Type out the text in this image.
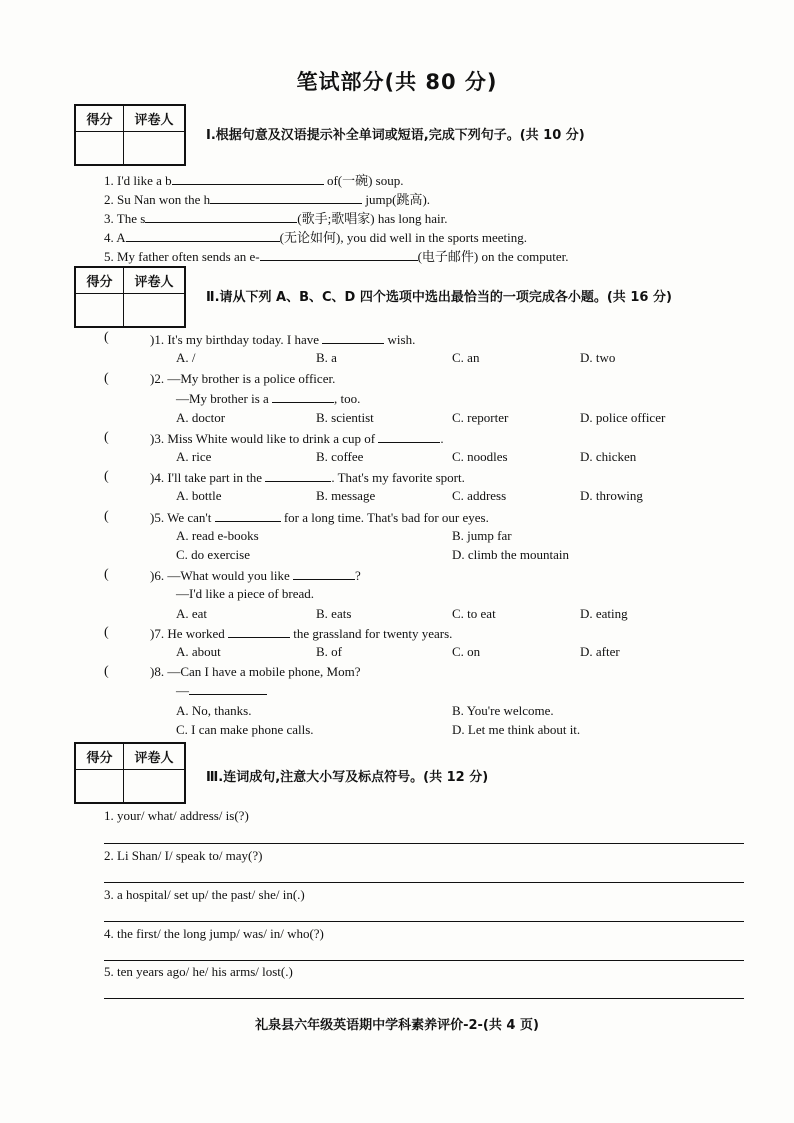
笔试部分(共 80 分)
得分	评卷人
Ⅰ.根据句意及汉语提示补全单词或短语,完成下列句子。(共 10 分)
1. I'd like a b	of(一碗) soup.
2. Su Nan won the h	jump(跳高).
3. The s	(歌手;歌唱家) has long hair.
4. A	(无论如何), you did well in the sports meeting.
5. My father often sends an e-	(电子邮件) on the computer.
得分	评卷人
Ⅱ.请从下列 A、B、C、D 四个选项中选出最恰当的一项完成各小题。(共 16 分)
(	)1. It's my birthday today. I have	wish.
A. /	B. a	C. an	D. two
(	)2. —My brother is a police officer.
—My brother is a	, too.
A. doctor	B. scientist	C. reporter	D. police officer
(	)3. Miss White would like to drink a cup of	.
A. rice	B. coffee	C. noodles	D. chicken
(	)4. I'll take part in the	. That's my favorite sport.
A. bottle	B. message	C. address	D. throwing
(	)5. We can't	for a long time. That's bad for our eyes.
A. read e-books	B. jump far
C. do exercise	D. climb the mountain
(	)6. —What would you like	?
—I'd like a piece of bread.
A. eat	B. eats	C. to eat	D. eating
(	)7. He worked	the grassland for twenty years.
A. about	B. of	C. on	D. after
(	)8. —Can I have a mobile phone, Mom?
—
A. No, thanks.	B. You're welcome.
C. I can make phone calls.	D. Let me think about it.
得分	评卷人
Ⅲ.连词成句,注意大小写及标点符号。(共 12 分)
1. your/ what/ address/ is(?)
2. Li Shan/ I/ speak to/ may(?)
3. a hospital/ set up/ the past/ she/ in(.)
4. the first/ the long jump/ was/ in/ who(?)
5. ten years ago/ he/ his arms/ lost(.)
礼泉县六年级英语期中学科素养评价-2-(共 4 页)
